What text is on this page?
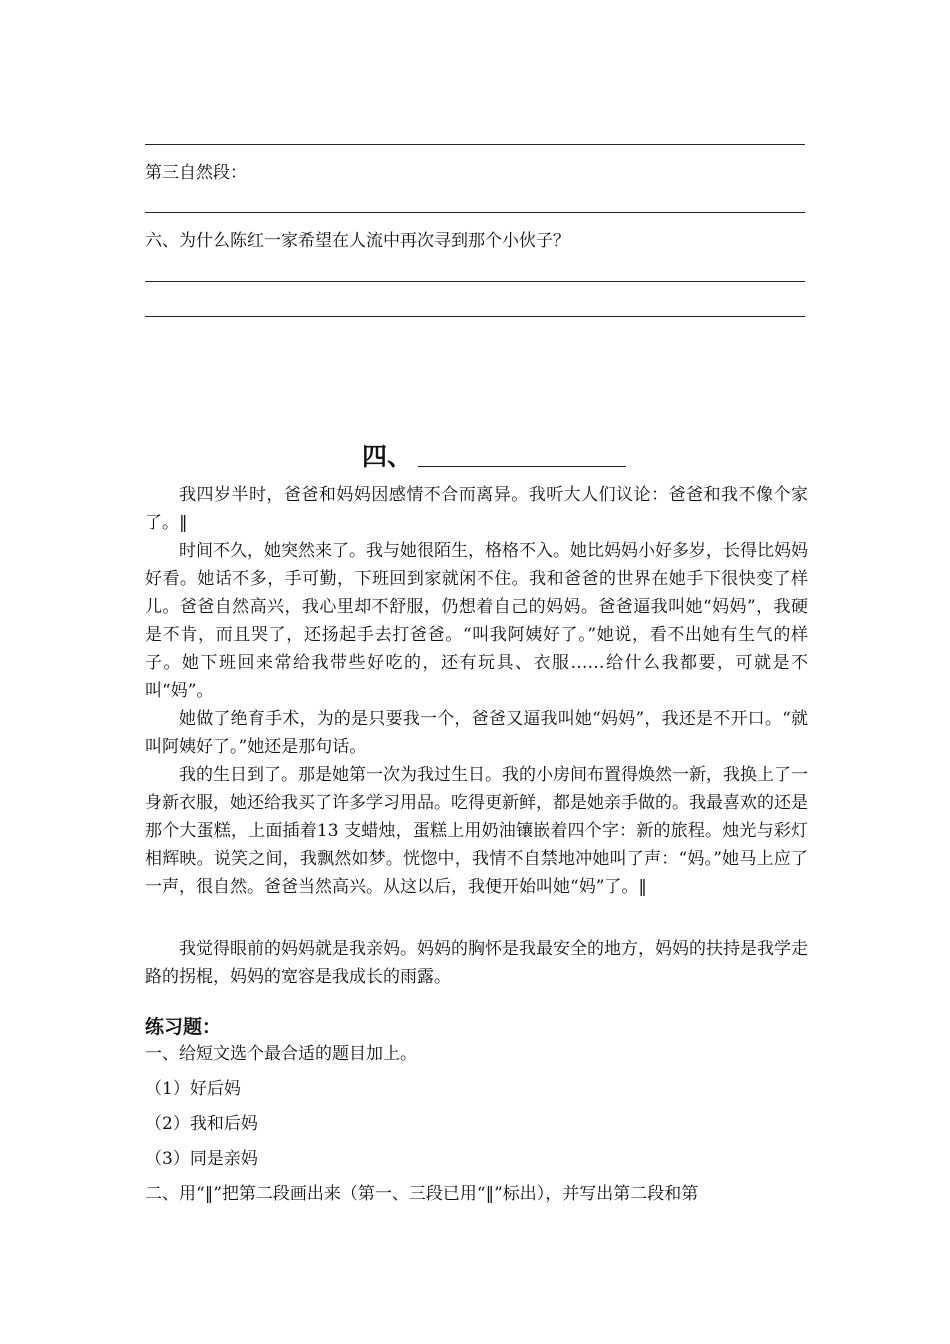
第三自然段：
六、为什么陈红一家希望在人流中再次寻到那个小伙子？
四、

我四岁半时，爸爸和妈妈因感情不合而离异。我听大人们议论：爸爸和我不像个家了。‖

时间不久，她突然来了。我与她很陌生，格格不入。她比妈妈小好多岁，长得比妈妈好看。她话不多，手可勤，下班回到家就闲不住。我和爸爸的世界在她手下很快变了样儿。爸爸自然高兴，我心里却不舒服，仍想着自己的妈妈。爸爸逼我叫她“妈妈”，我硬是不肯，而且哭了，还扬起手去打爸爸。“叫我阿姨好了。”她说，看不出她有生气的样子。她下班回来常给我带些好吃的，还有玩具、衣服……给什么我都要，可就是不叫“妈”。

她做了绝育手术，为的是只要我一个，爸爸又逼我叫她“妈妈”，我还是不开口。“就叫阿姨好了。”她还是那句话。

我的生日到了。那是她第一次为我过生日。我的小房间布置得焕然一新，我换上了一身新衣服，她还给我买了许多学习用品。吃得更新鲜，都是她亲手做的。我最喜欢的还是那个大蛋糕，上面插着13 支蜡烛，蛋糕上用奶油镶嵌着四个字：新的旅程。烛光与彩灯相辉映。说笑之间，我飘然如梦。恍惚中，我情不自禁地冲她叫了声：“妈。”她马上应了一声，很自然。爸爸当然高兴。从这以后，我便开始叫她“妈”了。‖

我觉得眼前的妈妈就是我亲妈。妈妈的胸怀是我最安全的地方，妈妈的扶持是我学走路的拐棍，妈妈的宽容是我成长的雨露。

练习题：
一、给短文选个最合适的题目加上。
（1）好后妈
（2）我和后妈
（3）同是亲妈
二、用“‖”把第二段画出来（第一、三段已用“‖”标出），并写出第二段和第
